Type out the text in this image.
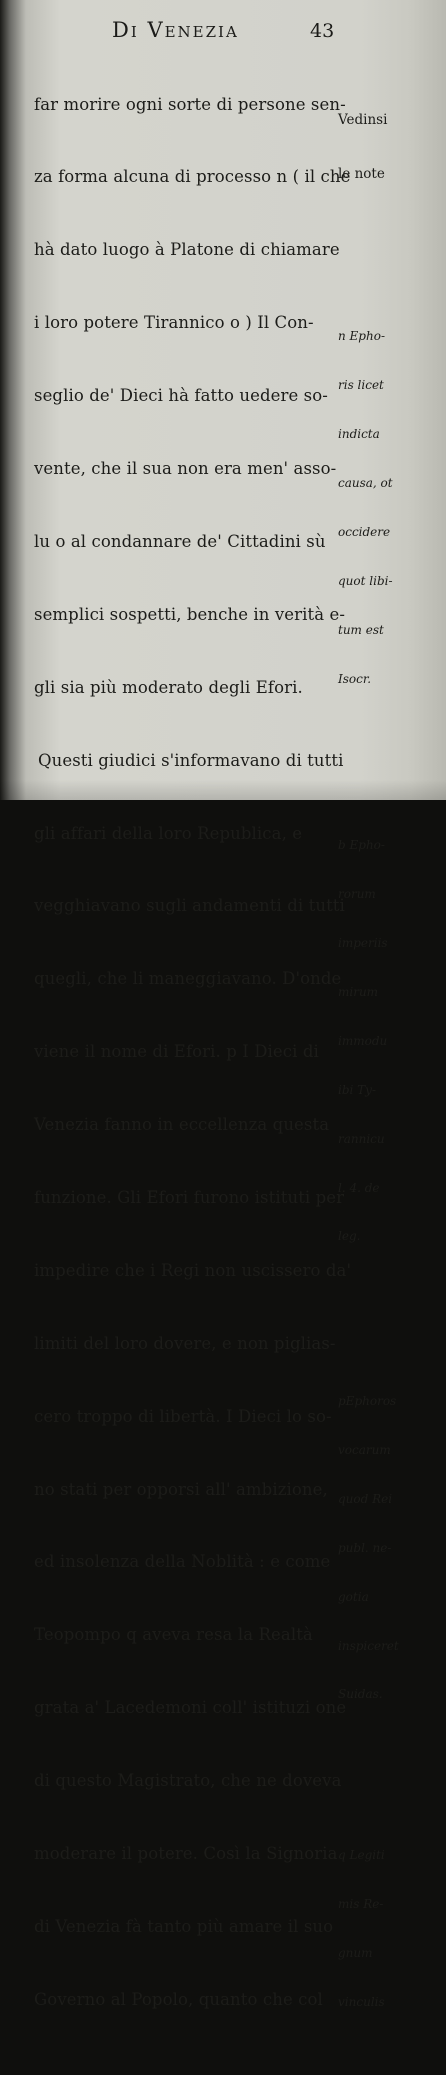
Di Venezia	43

far morire ogni sorte di persone sen-

za forma alcuna di processo n ( il che

hà dato luogo à Platone di chiamare

i loro potere Tirannico o ) Il Con-

seglio de' Dieci hà fatto uedere so-

vente, che il sua non era men' asso-

lu o al condannare de' Cittadini sù

semplici sospetti, benche in verità e-

gli sia più moderato degli Efori.

Questi giudici s'informavano di tutti

gli affari della loro Republica, e

vegghiavano sugli andamenti di tutti

quegli, che li maneggiavano. D'onde

viene il nome di Efori. p I Dieci di

Venezia fanno in eccellenza questa

funzione. Gli Efori furono istituti per

impedire che i Regi non uscissero da'

limiti del loro dovere, e non piglias-

cero troppo di libertà. I Dieci lo so-

no stati per opporsi all' ambizione,

ed insolenza della Noblità : e come

Teopompo q aveva resa la Realtà

grata a' Lacedemoni coll' istituzi one

di questo Magistrato, che ne doveva

moderare il potere. Così la Signoria

di Venezia fà tanto più amare il suo

Governo al Popolo, quanto che col

Vedinsi

le note

n Epho-

ris licet

indicta

causa, ot

occidere

quot libi-

tum est

Isocr.

b Epho-

rorum

imperiis

mirum

immodu

ibi Ty-

rannicu

l. 4. de

leg.

pEphoros

vocarum

quod Rei

publ. ne-

gotia

inspiceret

Suidas.

q Legiti

mis Re-

gnum

vinculis
